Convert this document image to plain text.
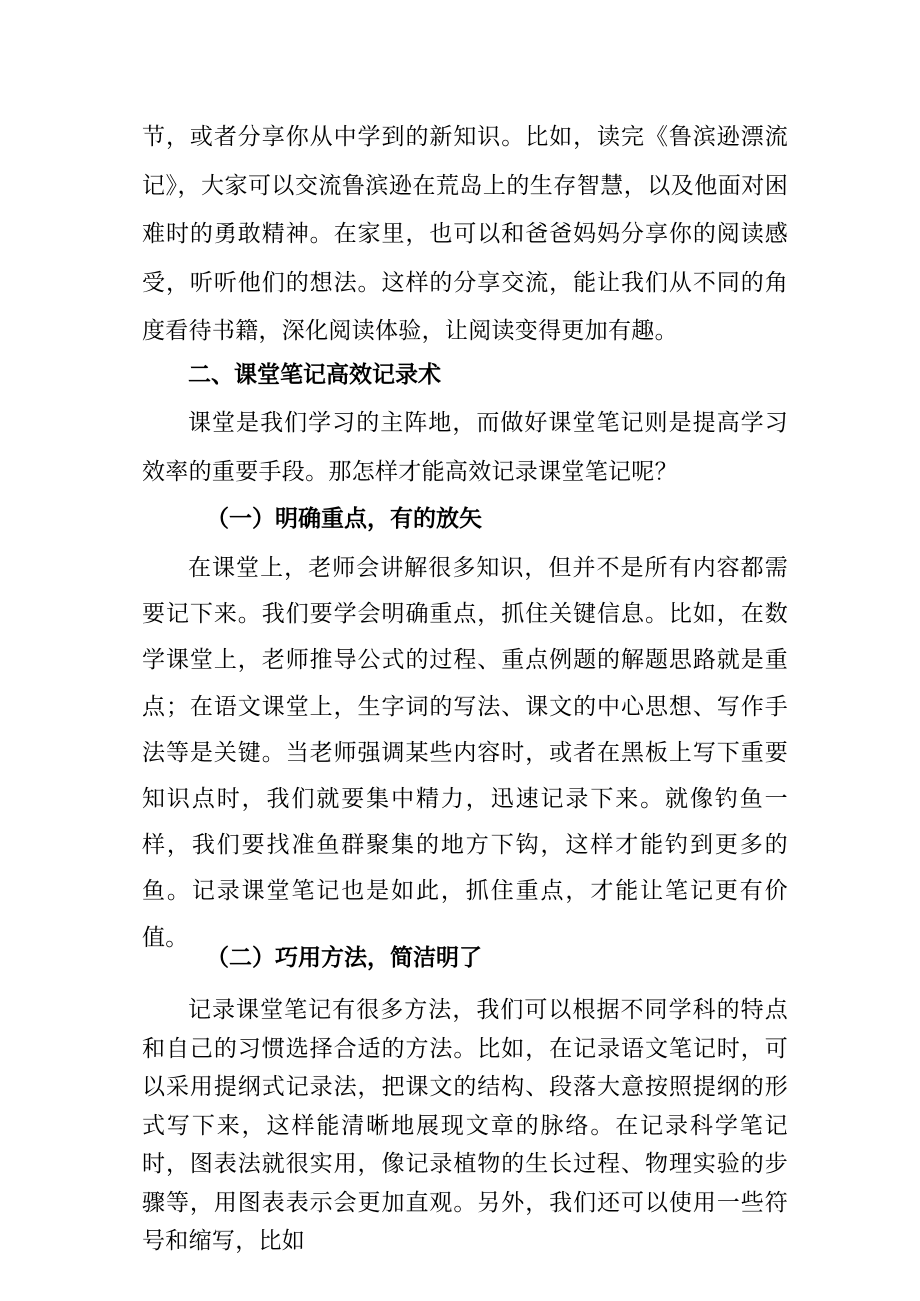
节，或者分享你从中学到的新知识。比如，读完《鲁滨逊漂流记》，大家可以交流鲁滨逊在荒岛上的生存智慧，以及他面对困难时的勇敢精神。在家里，也可以和爸爸妈妈分享你的阅读感受，听听他们的想法。这样的分享交流，能让我们从不同的角度看待书籍，深化阅读体验，让阅读变得更加有趣。

二、课堂笔记高效记录术

课堂是我们学习的主阵地，而做好课堂笔记则是提高学习效率的重要手段。那怎样才能高效记录课堂笔记呢？

（一）明确重点，有的放矢

在课堂上，老师会讲解很多知识，但并不是所有内容都需要记下来。我们要学会明确重点，抓住关键信息。比如，在数学课堂上，老师推导公式的过程、重点例题的解题思路就是重点；在语文课堂上，生字词的写法、课文的中心思想、写作手法等是关键。当老师强调某些内容时，或者在黑板上写下重要知识点时，我们就要集中精力，迅速记录下来。就像钓鱼一样，我们要找准鱼群聚集的地方下钩，这样才能钓到更多的鱼。记录课堂笔记也是如此，抓住重点，才能让笔记更有价值。

（二）巧用方法，简洁明了

记录课堂笔记有很多方法，我们可以根据不同学科的特点和自己的习惯选择合适的方法。比如，在记录语文笔记时，可以采用提纲式记录法，把课文的结构、段落大意按照提纲的形式写下来，这样能清晰地展现文章的脉络。在记录科学笔记时，图表法就很实用，像记录植物的生长过程、物理实验的步骤等，用图表表示会更加直观。另外，我们还可以使用一些符号和缩写，比如
